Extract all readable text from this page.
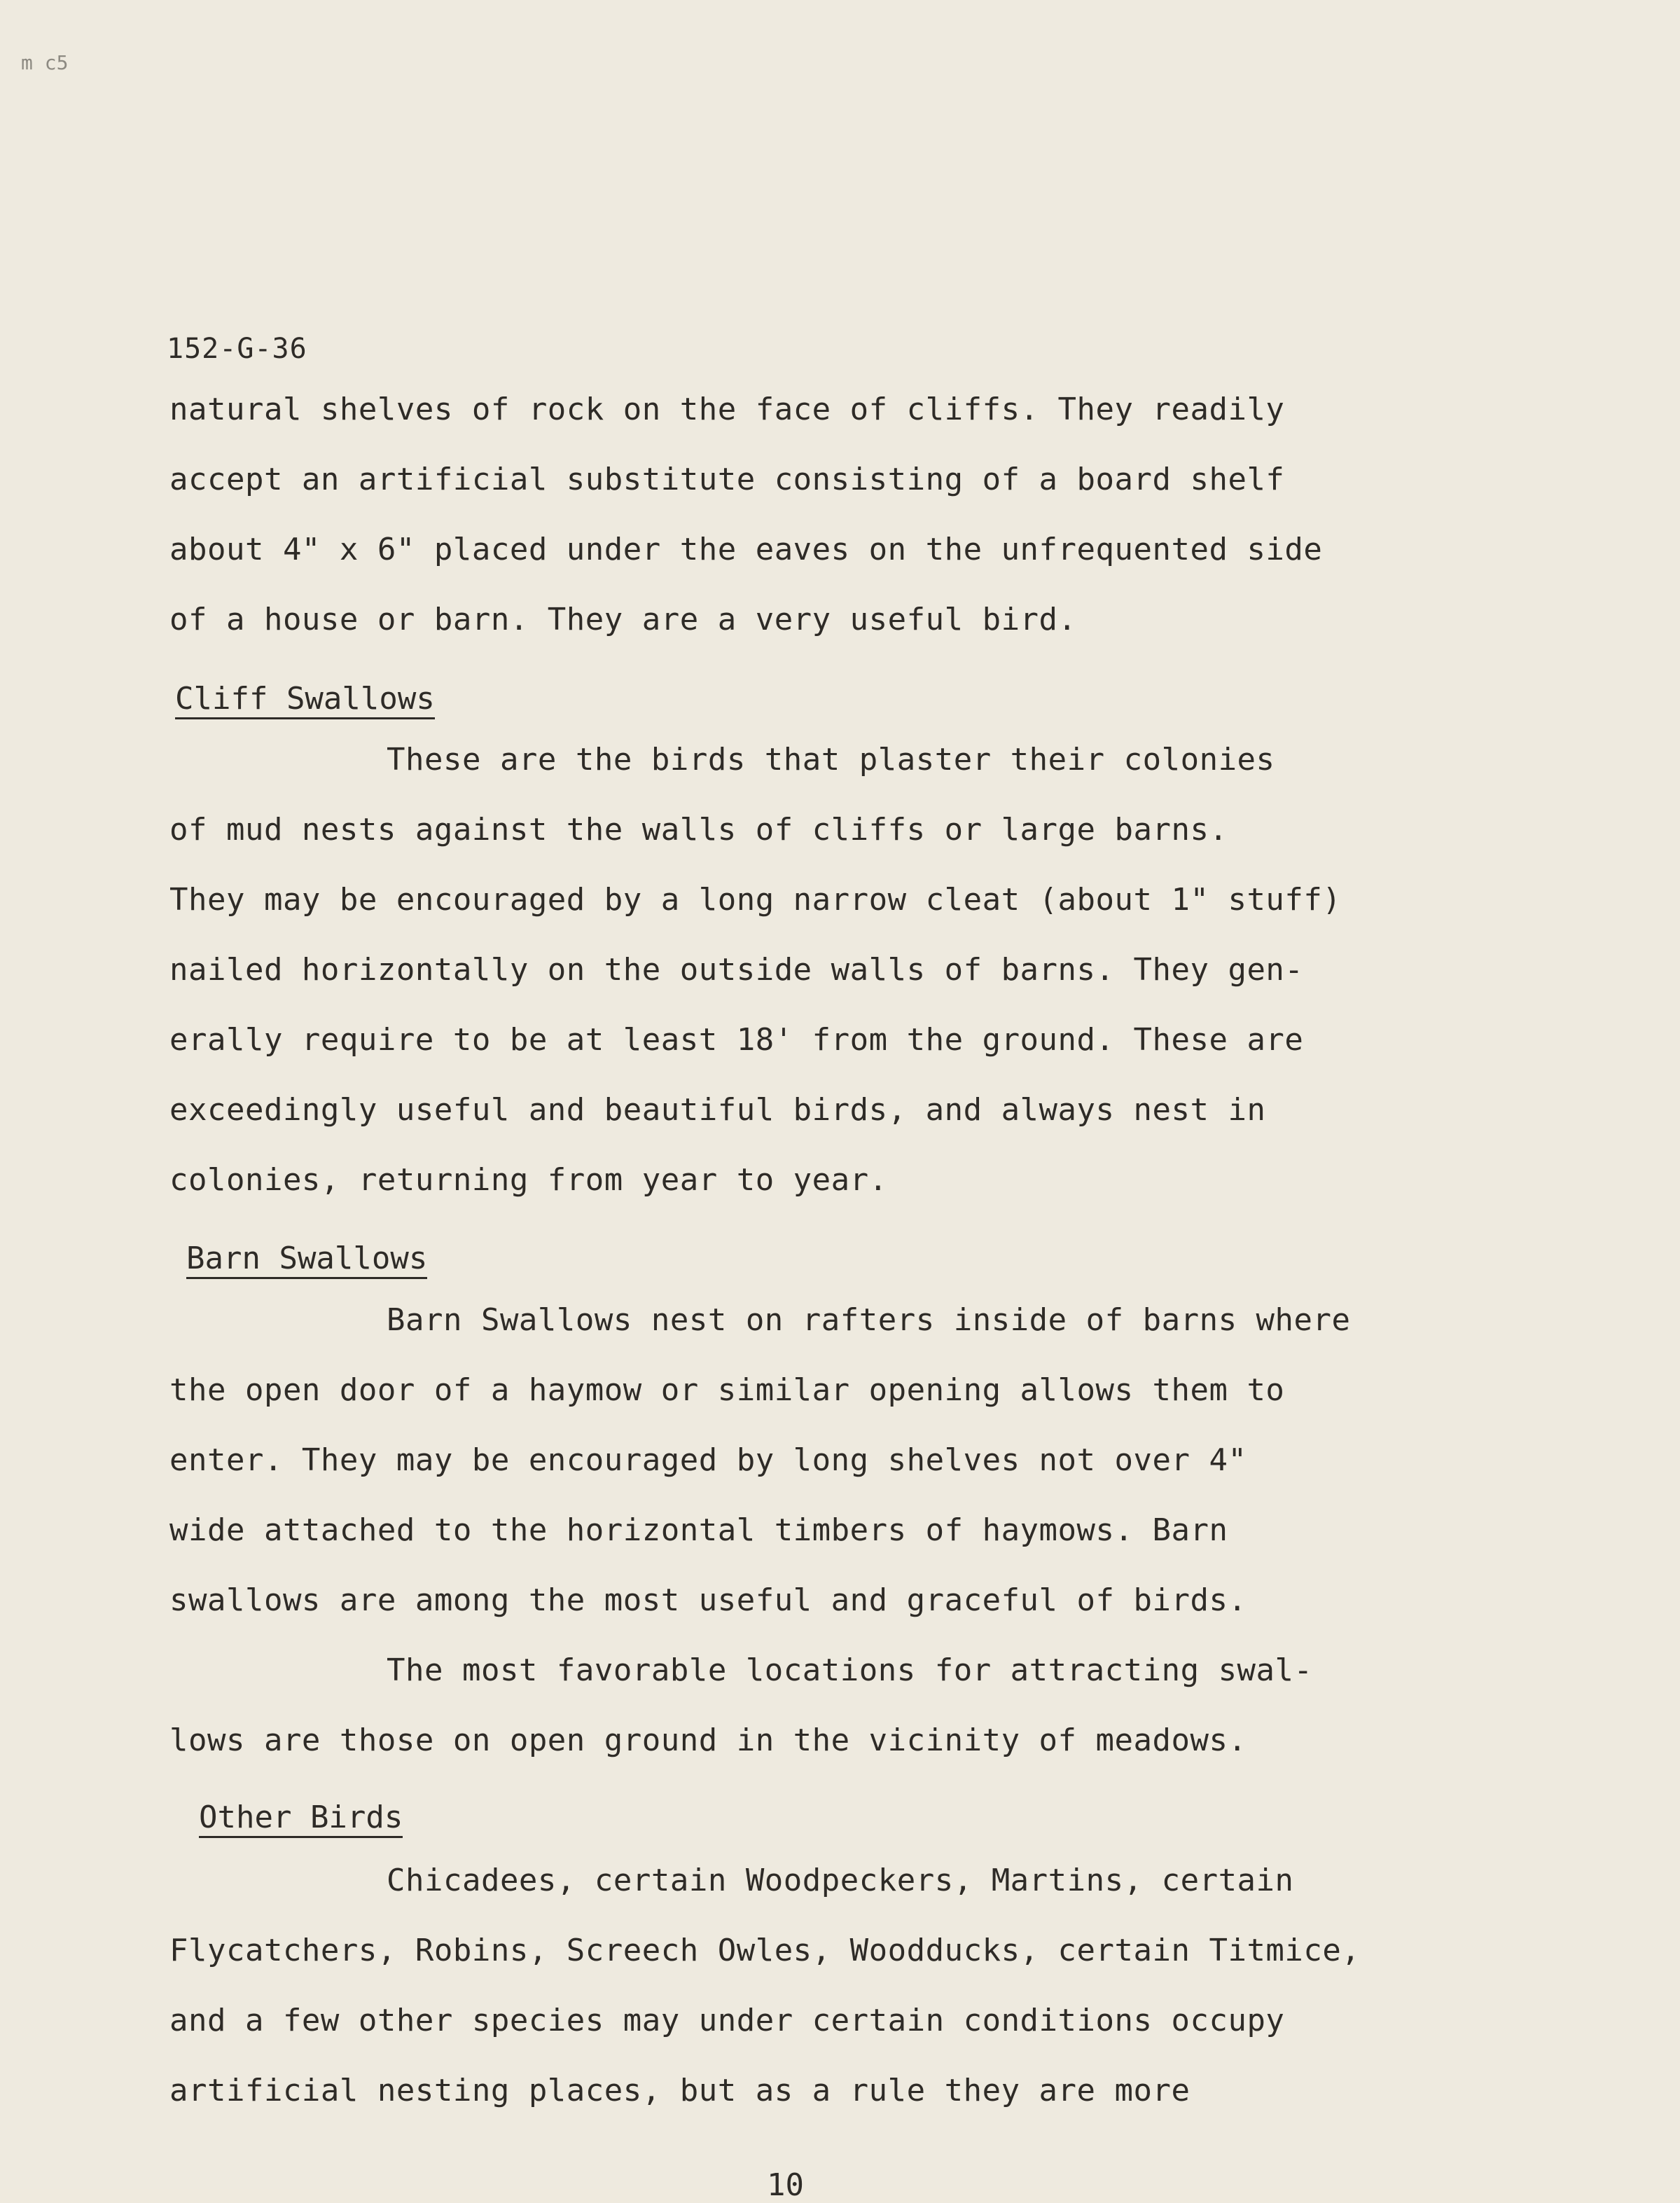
m c5
152-G-36
natural shelves of rock on the face of cliffs. They readily
accept an artificial substitute consisting of a board shelf
about 4" x 6" placed under the eaves on the unfrequented side
of a house or barn. They are a very useful bird.
Cliff Swallows
These are the birds that plaster their colonies
of mud nests against the walls of cliffs or large barns.
They may be encouraged by a long narrow cleat (about 1" stuff)
nailed horizontally on the outside walls of barns. They gen-
erally require to be at least 18' from the ground. These are
exceedingly useful and beautiful birds, and always nest in
colonies, returning from year to year.
Barn Swallows
Barn Swallows nest on rafters inside of barns where
the open door of a haymow or similar opening allows them to
enter. They may be encouraged by long shelves not over 4"
wide attached to the horizontal timbers of haymows. Barn
swallows are among the most useful and graceful of birds.
The most favorable locations for attracting swal-
lows are those on open ground in the vicinity of meadows.
Other Birds
Chicadees, certain Woodpeckers, Martins, certain
Flycatchers, Robins, Screech Owles, Woodducks, certain Titmice,
and a few other species may under certain conditions occupy
artificial nesting places, but as a rule they are more
10
